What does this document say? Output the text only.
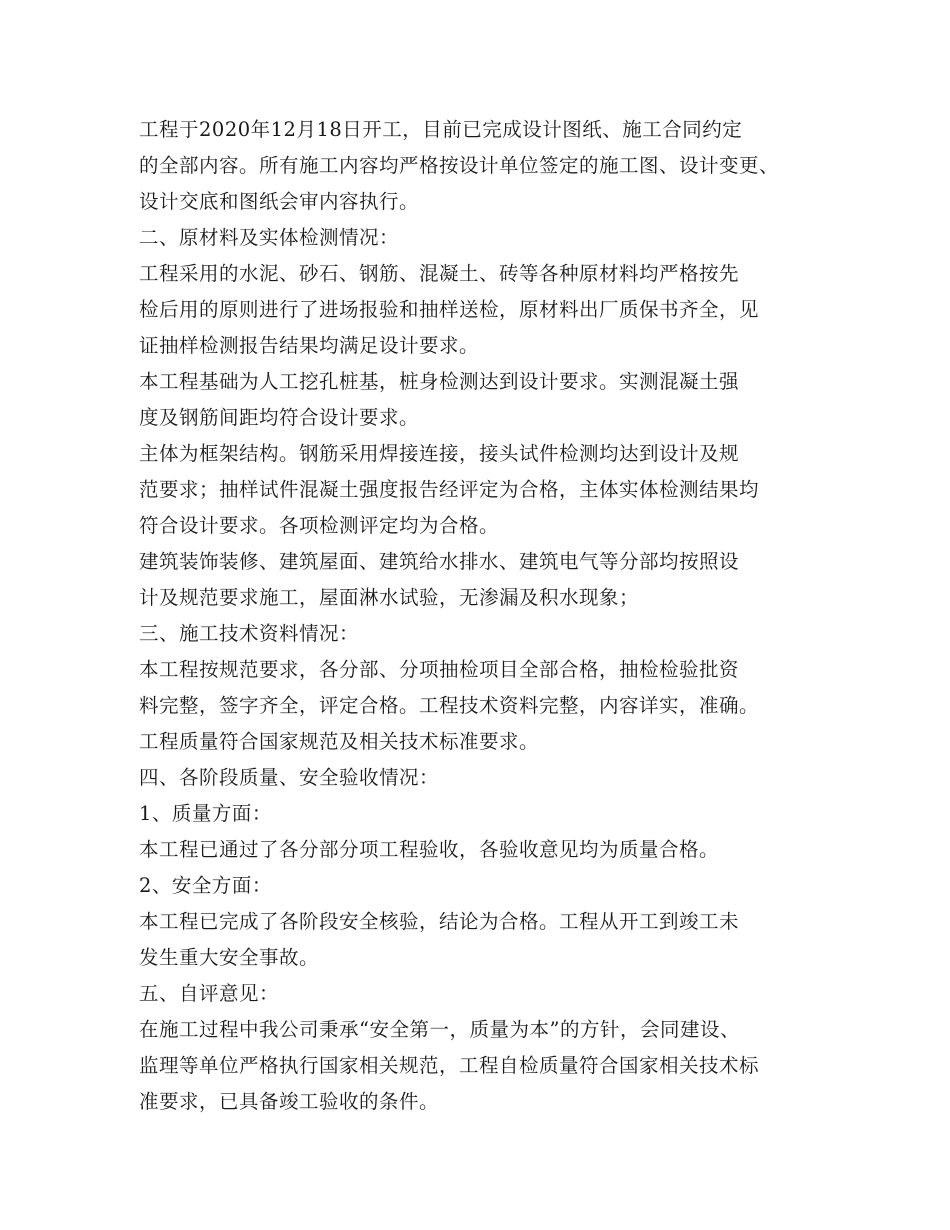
工程于2020年12月18日开工，目前已完成设计图纸、施工合同约定
的全部内容。所有施工内容均严格按设计单位签定的施工图、设计变更、
设计交底和图纸会审内容执行。
二、原材料及实体检测情况：
工程采用的水泥、砂石、钢筋、混凝土、砖等各种原材料均严格按先
检后用的原则进行了进场报验和抽样送检，原材料出厂质保书齐全，见
证抽样检测报告结果均满足设计要求。
本工程基础为人工挖孔桩基，桩身检测达到设计要求。实测混凝土强
度及钢筋间距均符合设计要求。
主体为框架结构。钢筋采用焊接连接，接头试件检测均达到设计及规
范要求；抽样试件混凝土强度报告经评定为合格，主体实体检测结果均
符合设计要求。各项检测评定均为合格。
建筑装饰装修、建筑屋面、建筑给水排水、建筑电气等分部均按照设
计及规范要求施工，屋面淋水试验，无渗漏及积水现象；
三、施工技术资料情况：
本工程按规范要求，各分部、分项抽检项目全部合格，抽检检验批资
料完整，签字齐全，评定合格。工程技术资料完整，内容详实，准确。
工程质量符合国家规范及相关技术标准要求。
四、各阶段质量、安全验收情况：
1、质量方面：
本工程已通过了各分部分项工程验收，各验收意见均为质量合格。
2、安全方面：
本工程已完成了各阶段安全核验，结论为合格。工程从开工到竣工未
发生重大安全事故。
五、自评意见：
在施工过程中我公司秉承“安全第一，质量为本”的方针，会同建设、
监理等单位严格执行国家相关规范，工程自检质量符合国家相关技术标
准要求，已具备竣工验收的条件。
